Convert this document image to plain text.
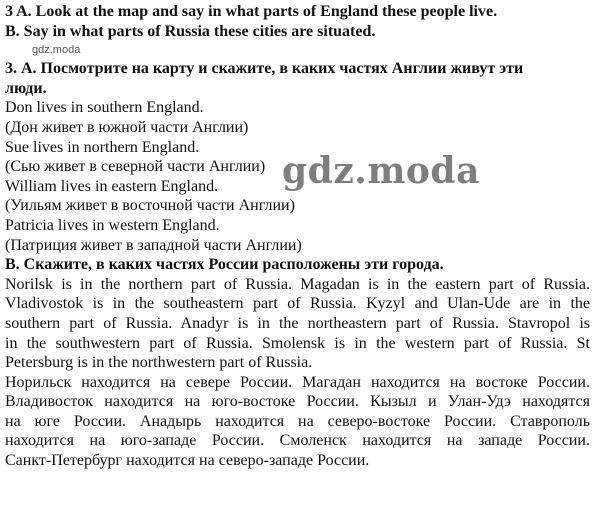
3 A. Look at the map and say in what parts of England these people live.
B. Say in what parts of Russia these cities are situated.
gdz.moda
3. А. Посмотрите на карту и скажите, в каких частях Англии живут эти
люди.
Don lives in southern England.
(Дон живет в южной части Англии)
Sue lives in northern England.
(Сью живет в северной части Англии)
William lives in eastern England.
(Уильям живет в восточной части Англии)
Patricia lives in western England.
(Патриция живет в западной части Англии)
В. Скажите, в каких частях России расположены эти города.
Norilsk is in the northern part of Russia. Magadan is in the eastern part of Russia.
Vladivostok is in the southeastern part of Russia. Kyzyl and Ulan-Ude are in the
southern part of Russia. Anadyr is in the northeastern part of Russia. Stavropol is
in the southwestern part of Russia. Smolensk is in the western part of Russia. St
Petersburg is in the northwestern part of Russia.
Норильск находится на севере России. Магадан находится на востоке России.
Владивосток находится на юго-востоке России. Кызыл и Улан-Удэ находятся
на юге России. Анадырь находится на северо-востоке России. Ставрополь
находится на юго-западе России. Смоленск находится на западе России.
Санкт-Петербург находится на северо-западе России.
gdz.moda
